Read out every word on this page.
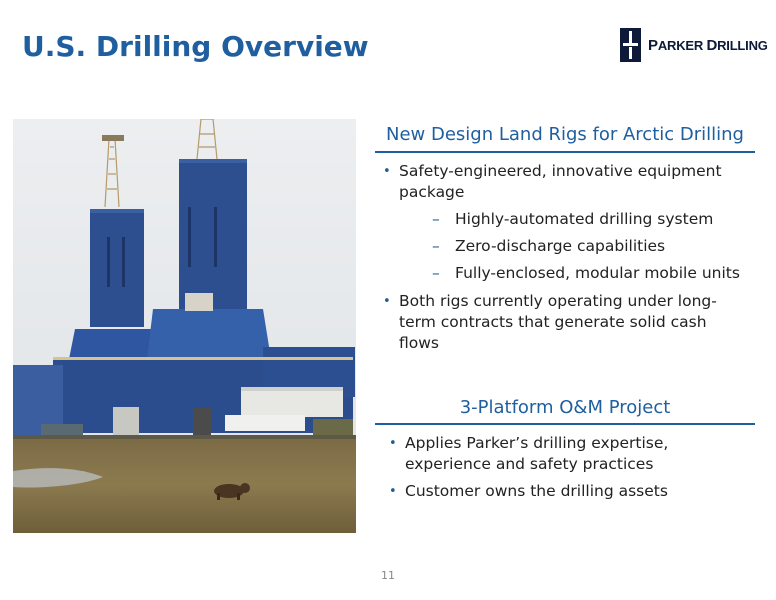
U.S. Drilling Overview	PARKER DRILLING
New Design Land Rigs for Arctic Drilling
• Safety-engineered, innovative equipment package
– Highly-automated drilling system
– Zero-discharge capabilities
– Fully-enclosed, modular mobile units
• Both rigs currently operating under long-term contracts that generate solid cash flows
3-Platform O&M Project
• Applies Parker’s drilling expertise, experience and safety practices
• Customer owns the drilling assets
11
